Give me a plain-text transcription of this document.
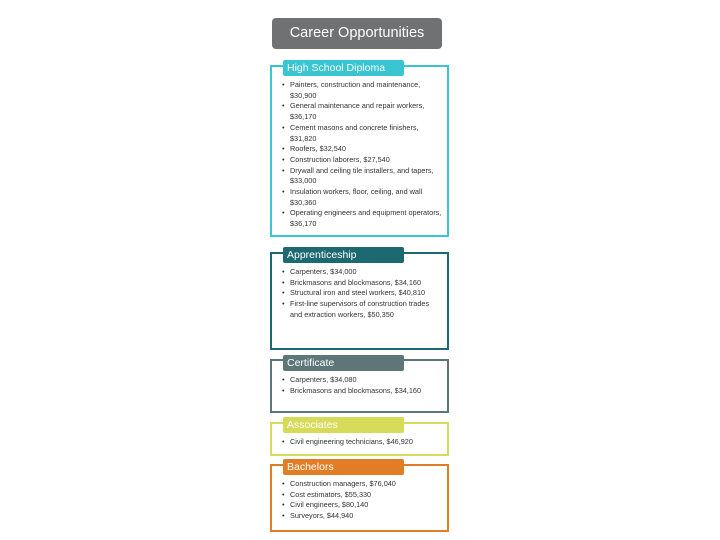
Career Opportunities
High School Diploma
• Painters, construction and maintenance, $30,900
• General maintenance and repair workers, $36,170
• Cement masons and concrete finishers, $31,820
• Roofers, $32,540
• Construction laborers, $27,540
• Drywall and ceiling tile installers, and tapers, $33,000
• Insulation workers, floor, ceiling, and wall $30,360
• Operating engineers and equipment operators, $36,170
Apprenticeship
• Carpenters, $34,000
• Brickmasons and blockmasons, $34,160
• Structural iron and steel workers, $40,810
• First-line supervisors of construction trades and extraction workers, $50,350
Certificate
• Carpenters, $34,080
• Brickmasons and blockmasons, $34,160
Associates
• Civil engineering technicians, $46,920
Bachelors
• Construction managers, $76,040
• Cost estimators, $55,330
• Civil engineers, $80,140
• Surveyors, $44,940
